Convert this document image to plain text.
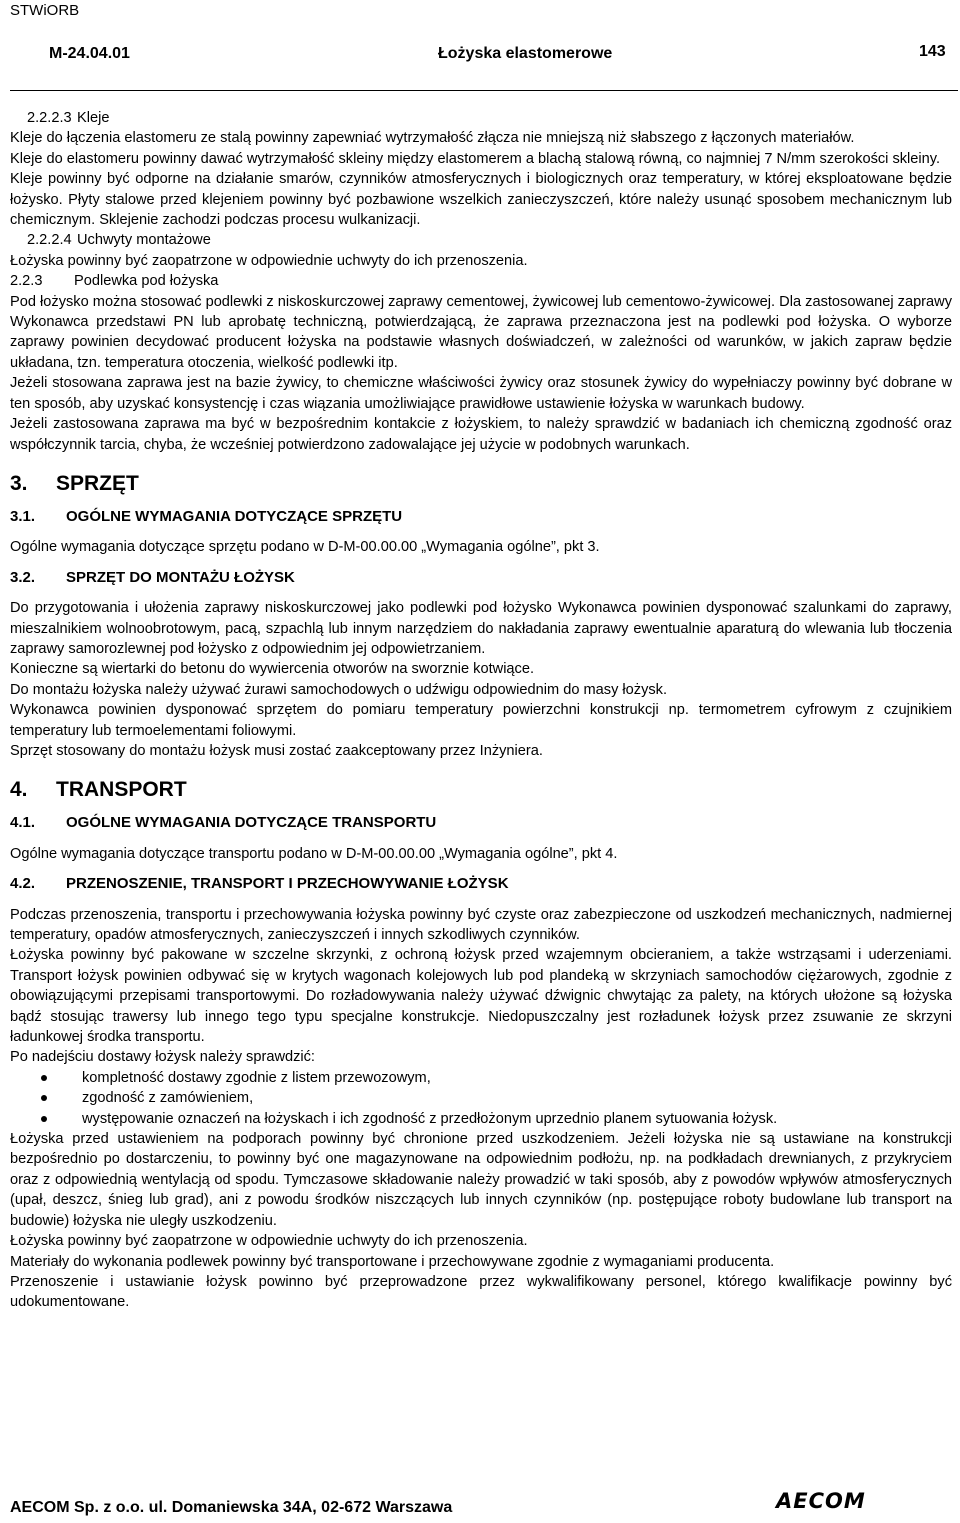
STWiORB
M-24.04.01	Łożyska elastomerowe	143

2.2.2.3 Kleje

Kleje do łączenia elastomeru ze stalą powinny zapewniać wytrzymałość złącza nie mniejszą niż słabszego z łączonych materiałów.

Kleje do elastomeru powinny dawać wytrzymałość skleiny między elastomerem a blachą stalową równą, co najmniej 7 N/mm szerokości skleiny.

Kleje powinny być odporne na działanie smarów, czynników atmosferycznych i biologicznych oraz temperatury, w której eksploatowane będzie łożysko. Płyty stalowe przed klejeniem powinny być pozbawione wszelkich zanieczyszczeń, które należy usunąć sposobem mechanicznym lub chemicznym. Sklejenie zachodzi podczas procesu wulkanizacji.

2.2.2.4 Uchwyty montażowe

Łożyska powinny być zaopatrzone w odpowiednie uchwyty do ich przenoszenia.

2.2.3 Podlewka pod łożyska

Pod łożysko można stosować podlewki z niskoskurczowej zaprawy cementowej, żywicowej lub cementowo-żywicowej. Dla zastosowanej zaprawy Wykonawca przedstawi PN lub aprobatę techniczną, potwierdzającą, że zaprawa przeznaczona jest na podlewki pod łożyska. O wyborze zaprawy powinien decydować producent łożyska na podstawie własnych doświadczeń, w zależności od warunków, w jakich zapraw będzie układana, tzn. temperatura otoczenia, wielkość podlewki itp.

Jeżeli stosowana zaprawa jest na bazie żywicy, to chemiczne właściwości żywicy oraz stosunek żywicy do wypełniaczy powinny być dobrane w ten sposób, aby uzyskać konsystencję i czas wiązania umożliwiające prawidłowe ustawienie łożyska w warunkach budowy.

Jeżeli zastosowana zaprawa ma być w bezpośrednim kontakcie z łożyskiem, to należy sprawdzić w badaniach ich chemiczną zgodność oraz współczynnik tarcia, chyba, że wcześniej potwierdzono zadowalające jej użycie w podobnych warunkach.

3. SPRZĘT
3.1. OGÓLNE WYMAGANIA DOTYCZĄCE SPRZĘTU

Ogólne wymagania dotyczące sprzętu podano w D-M-00.00.00 „Wymagania ogólne”, pkt 3.

3.2. SPRZĘT DO MONTAŻU ŁOŻYSK

Do przygotowania i ułożenia zaprawy niskoskurczowej jako podlewki pod łożysko Wykonawca powinien dysponować szalunkami do zaprawy, mieszalnikiem wolnoobrotowym, pacą, szpachlą lub innym narzędziem do nakładania zaprawy ewentualnie aparaturą do wlewania lub tłoczenia zaprawy samorozlewnej pod łożysko z odpowiednim jej odpowietrzaniem.

Konieczne są wiertarki do betonu do wywiercenia otworów na sworznie kotwiące.

Do montażu łożyska należy używać żurawi samochodowych o udźwigu odpowiednim do masy łożysk.

Wykonawca powinien dysponować sprzętem do pomiaru temperatury powierzchni konstrukcji np. termometrem cyfrowym z czujnikiem temperatury lub termoelementami foliowymi.

Sprzęt stosowany do montażu łożysk musi zostać zaakceptowany przez Inżyniera.

4. TRANSPORT
4.1. OGÓLNE WYMAGANIA DOTYCZĄCE TRANSPORTU

Ogólne wymagania dotyczące transportu podano w D-M-00.00.00 „Wymagania ogólne”, pkt 4.

4.2. PRZENOSZENIE, TRANSPORT I PRZECHOWYWANIE ŁOŻYSK

Podczas przenoszenia, transportu i przechowywania łożyska powinny być czyste oraz zabezpieczone od uszkodzeń mechanicznych, nadmiernej temperatury, opadów atmosferycznych, zanieczyszczeń i innych szkodliwych czynników.

Łożyska powinny być pakowane w szczelne skrzynki, z ochroną łożysk przed wzajemnym obcieraniem, a także wstrząsami i uderzeniami. Transport łożysk powinien odbywać się w krytych wagonach kolejowych lub pod plandeką w skrzyniach samochodów ciężarowych, zgodnie z obowiązującymi przepisami transportowymi. Do rozładowywania należy używać dźwignic chwytając za palety, na których ułożone są łożyska bądź stosując trawersy lub innego tego typu specjalne konstrukcje. Niedopuszczalny jest rozładunek łożysk przez zsuwanie ze skrzyni ładunkowej środka transportu.

Po nadejściu dostawy łożysk należy sprawdzić:

kompletność dostawy zgodnie z listem przewozowym,
zgodność z zamówieniem,
występowanie oznaczeń na łożyskach i ich zgodność z przedłożonym uprzednio planem sytuowania łożysk.

Łożyska przed ustawieniem na podporach powinny być chronione przed uszkodzeniem. Jeżeli łożyska nie są ustawiane na konstrukcji bezpośrednio po dostarczeniu, to powinny być one magazynowane na odpowiednim podłożu, np. na podkładach drewnianych, z przykryciem oraz z odpowiednią wentylacją od spodu. Tymczasowe składowanie należy prowadzić w taki sposób, aby z powodów wpływów atmosferycznych (upał, deszcz, śnieg lub grad), ani z powodu środków niszczących lub innych czynników (np. postępujące roboty budowlane lub transport na budowie) łożyska nie uległy uszkodzeniu.

Łożyska powinny być zaopatrzone w odpowiednie uchwyty do ich przenoszenia.

Materiały do wykonania podlewek powinny być transportowane i przechowywane zgodnie z wymaganiami producenta.

Przenoszenie i ustawianie łożysk powinno być przeprowadzone przez wykwalifikowany personel, którego kwalifikacje powinny być udokumentowane.

AECOM Sp. z o.o. ul. Domaniewska 34A, 02-672 Warszawa	AECOM
